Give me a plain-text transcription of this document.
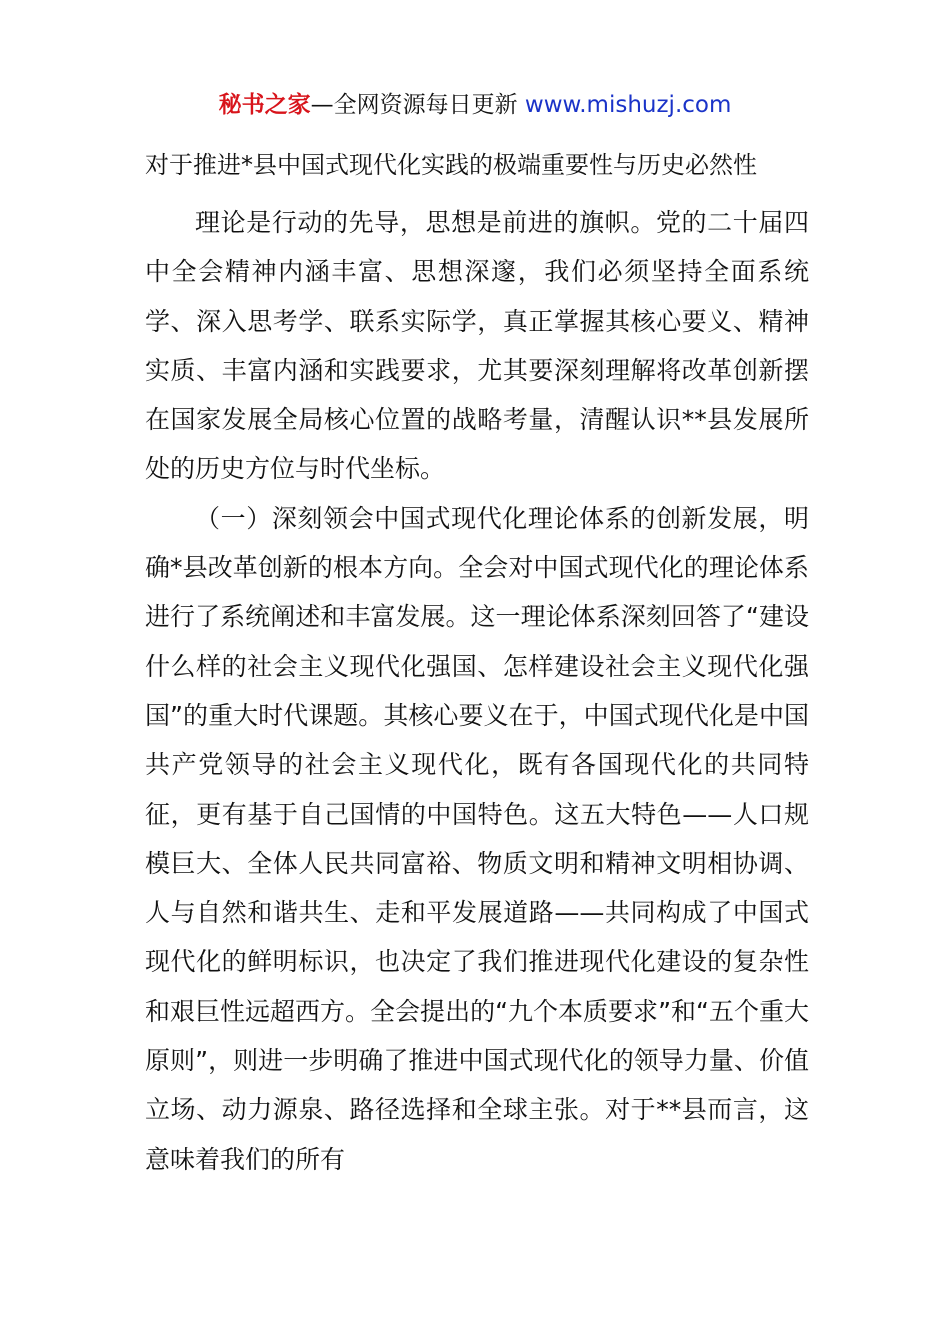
秘书之家—全网资源每日更新 www.mishuzj.com
对于推进*县中国式现代化实践的极端重要性与历史必然性

理论是行动的先导，思想是前进的旗帜。党的二十届四中全会精神内涵丰富、思想深邃，我们必须坚持全面系统学、深入思考学、联系实际学，真正掌握其核心要义、精神实质、丰富内涵和实践要求，尤其要深刻理解将改革创新摆在国家发展全局核心位置的战略考量，清醒认识**县发展所处的历史方位与时代坐标。

（一）深刻领会中国式现代化理论体系的创新发展，明确*县改革创新的根本方向。全会对中国式现代化的理论体系进行了系统阐述和丰富发展。这一理论体系深刻回答了“建设什么样的社会主义现代化强国、怎样建设社会主义现代化强国”的重大时代课题。其核心要义在于，中国式现代化是中国共产党领导的社会主义现代化，既有各国现代化的共同特征，更有基于自己国情的中国特色。这五大特色——人口规模巨大、全体人民共同富裕、物质文明和精神文明相协调、人与自然和谐共生、走和平发展道路——共同构成了中国式现代化的鲜明标识，也决定了我们推进现代化建设的复杂性和艰巨性远超西方。全会提出的“九个本质要求”和“五个重大原则”，则进一步明确了推进中国式现代化的领导力量、价值立场、动力源泉、路径选择和全球主张。对于**县而言，这意味着我们的所有
